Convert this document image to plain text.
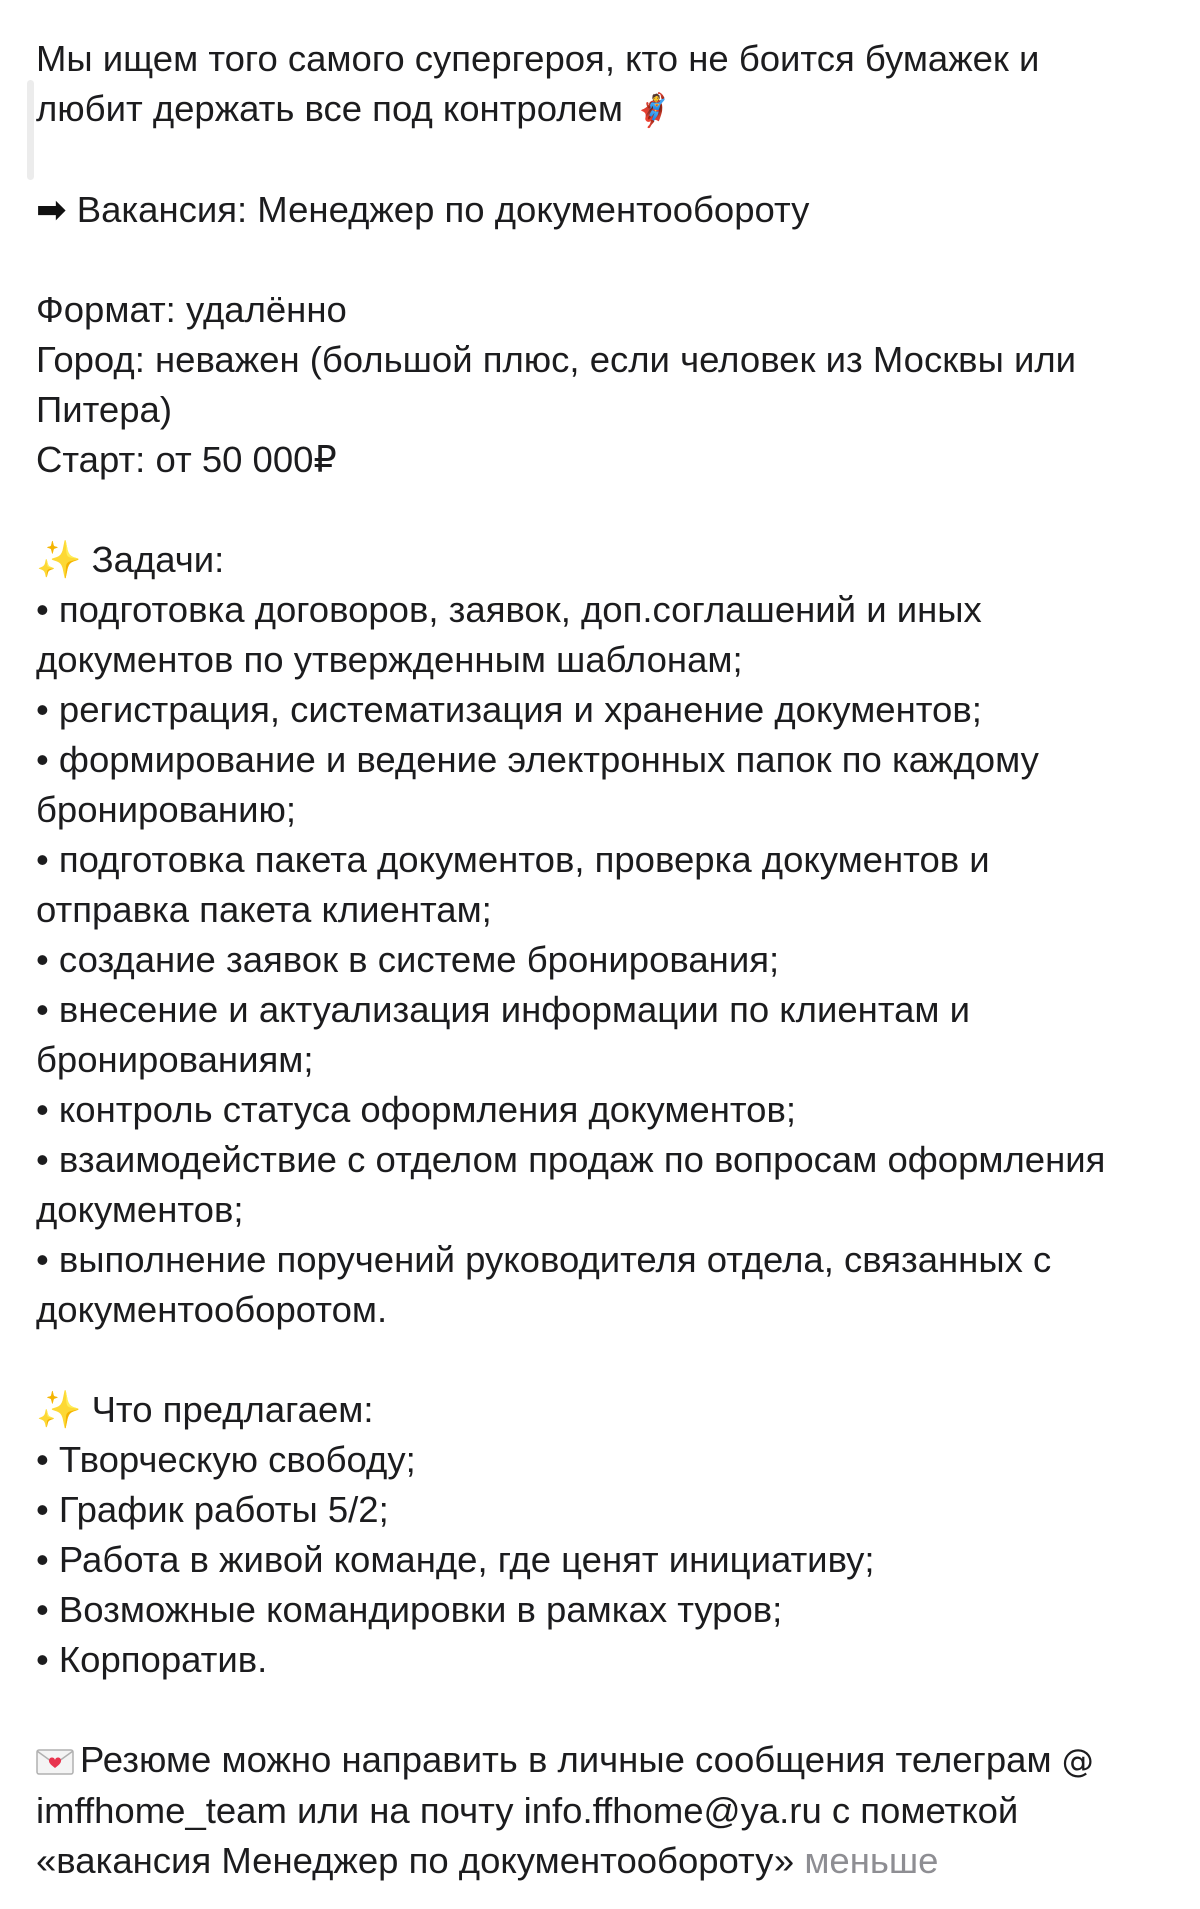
Мы ищем того самого супергероя, кто не боится бумажек и
любит держать все под контролем 🦸
➡ Вакансия: Менеджер по документообороту
Формат: удалённо
Город: неважен (большой плюс, если человек из Москвы или
Питера)
Старт: от 50 000₽
✨ Задачи:
• подготовка договоров, заявок, доп.соглашений и иных
документов по утвержденным шаблонам;
• регистрация, систематизация и хранение документов;
• формирование и ведение электронных папок по каждому
бронированию;
• подготовка пакета документов, проверка документов и
отправка пакета клиентам;
• создание заявок в системе бронирования;
• внесение и актуализация информации по клиентам и
бронированиям;
• контроль статуса оформления документов;
• взаимодействие с отделом продаж по вопросам оформления
документов;
• выполнение поручений руководителя отдела, связанных с
документооборотом.
✨ Что предлагаем:
• Творческую свободу;
• График работы 5/2;
• Работа в живой команде, где ценят инициативу;
• Возможные командировки в рамках туров;
• Корпоратив.
Резюме можно направить в личные сообщения телеграм @
imffhome_team или на почту info.ffhome@ya.ru с пометкой
«вакансия Менеджер по документообороту» меньше
